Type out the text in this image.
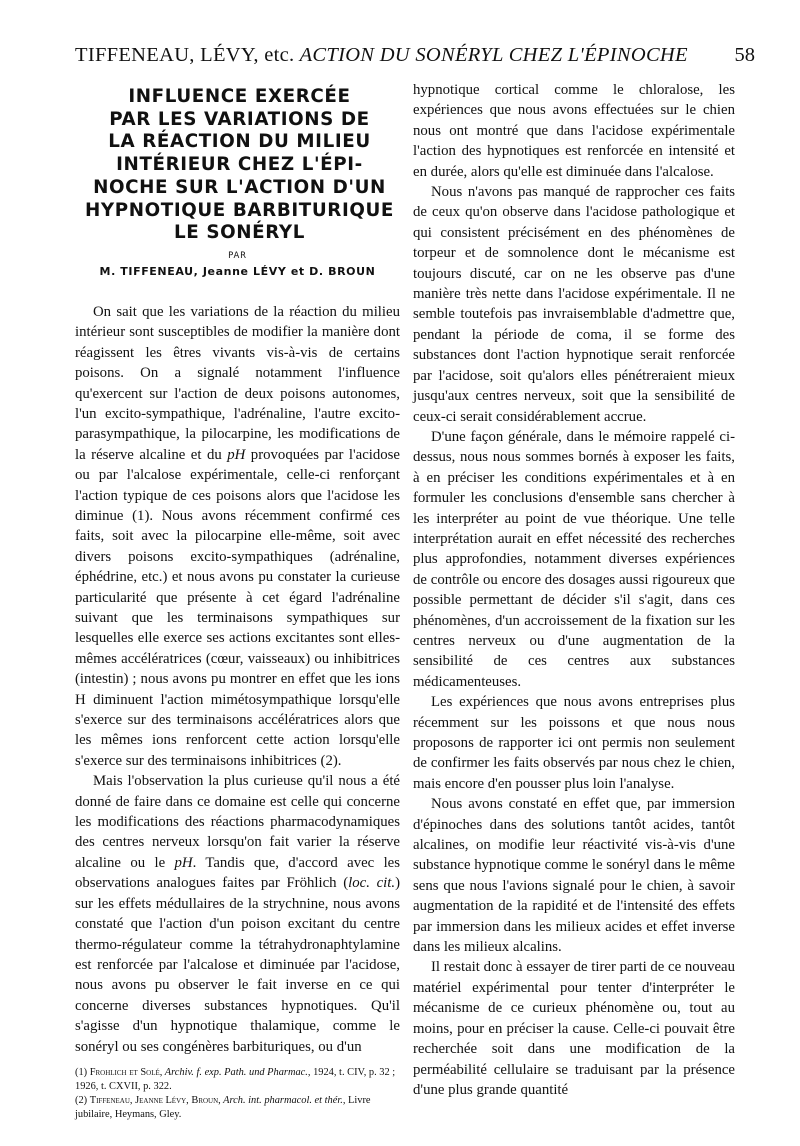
TIFFENEAU, LÉVY, etc. ACTION DU SONÉRYL CHEZ L'ÉPINOCHE 58
INFLUENCE EXERCÉE
PAR LES VARIATIONS DE
LA RÉACTION DU MILIEU
INTÉRIEUR CHEZ L'ÉPI-
NOCHE SUR L'ACTION D'UN
HYPNOTIQUE BARBITURIQUE
LE SONÉRYL
PAR
M. TIFFENEAU, Jeanne LÉVY et D. BROUN

On sait que les variations de la réaction du milieu intérieur sont susceptibles de modifier la manière dont réagissent les êtres vivants vis-à-vis de certains poisons. On a signalé notamment l'influence qu'exercent sur l'action de deux poisons autonomes, l'un excito-sympathique, l'adrénaline, l'autre excito-parasympathique, la pilocarpine, les modifications de la réserve alcaline et du pH provoquées par l'acidose ou par l'alcalose expérimentale, celle-ci renforçant l'action typique de ces poisons alors que l'acidose les diminue (1). Nous avons récemment confirmé ces faits, soit avec la pilocarpine elle-même, soit avec divers poisons excito-sympathiques (adrénaline, éphédrine, etc.) et nous avons pu constater la curieuse particularité que présente à cet égard l'adrénaline suivant que les terminaisons sympathiques sur lesquelles elle exerce ses actions excitantes sont elles-mêmes accélératrices (cœur, vaisseaux) ou inhibitrices (intestin) ; nous avons pu montrer en effet que les ions H diminuent l'action mimétosympathique lorsqu'elle s'exerce sur des terminaisons accélératrices alors que les mêmes ions renforcent cette action lorsqu'elle s'exerce sur des terminaisons inhibitrices (2).

Mais l'observation la plus curieuse qu'il nous a été donné de faire dans ce domaine est celle qui concerne les modifications des réactions pharmacodynamiques des centres nerveux lorsqu'on fait varier la réserve alcaline ou le pH. Tandis que, d'accord avec les observations analogues faites par Fröhlich (loc. cit.) sur les effets médullaires de la strychnine, nous avons constaté que l'action d'un poison excitant du centre thermo-régulateur comme la tétrahydronaphtylamine est renforcée par l'alcalose et diminuée par l'acidose, nous avons pu observer le fait inverse en ce qui concerne diverses substances hypnotiques. Qu'il s'agisse d'un hypnotique thalamique, comme le sonéryl ou ses congénères barbituriques, ou d'un

(1) Frohlich et Solé, Archiv. f. exp. Path. und Pharmac., 1924, t. CIV, p. 32 ; 1926, t. CXVII, p. 322.

(2) Tiffeneau, Jeanne Lévy, Broun, Arch. int. pharmacol. et thér., Livre jubilaire, Heymans, Gley.

hypnotique cortical comme le chloralose, les expériences que nous avons effectuées sur le chien nous ont montré que dans l'acidose expérimentale l'action des hypnotiques est renforcée en intensité et en durée, alors qu'elle est diminuée dans l'alcalose.

Nous n'avons pas manqué de rapprocher ces faits de ceux qu'on observe dans l'acidose pathologique et qui consistent précisément en des phénomènes de torpeur et de somnolence dont le mécanisme est toujours discuté, car on ne les observe pas d'une manière très nette dans l'acidose expérimentale. Il ne semble toutefois pas invraisemblable d'admettre que, pendant la période de coma, il se forme des substances dont l'action hypnotique serait renforcée par l'acidose, soit qu'alors elles pénétreraient mieux jusqu'aux centres nerveux, soit que la sensibilité de ceux-ci serait considérablement accrue.

D'une façon générale, dans le mémoire rappelé ci-dessus, nous nous sommes bornés à exposer les faits, à en préciser les conditions expérimentales et à en formuler les conclusions d'ensemble sans chercher à les interpréter au point de vue théorique. Une telle interprétation aurait en effet nécessité des recherches plus approfondies, notamment diverses expériences de contrôle ou encore des dosages aussi rigoureux que possible permettant de décider s'il s'agit, dans ces phénomènes, d'un accroissement de la fixation sur les centres nerveux ou d'une augmentation de la sensibilité de ces centres aux substances médicamenteuses.

Les expériences que nous avons entreprises plus récemment sur les poissons et que nous nous proposons de rapporter ici ont permis non seulement de confirmer les faits observés par nous chez le chien, mais encore d'en pousser plus loin l'analyse.

Nous avons constaté en effet que, par immersion d'épinoches dans des solutions tantôt acides, tantôt alcalines, on modifie leur réactivité vis-à-vis d'une substance hypnotique comme le sonéryl dans le même sens que nous l'avions signalé pour le chien, à savoir augmentation de la rapidité et de l'intensité des effets par immersion dans les milieux acides et effet inverse dans les milieux alcalins.

Il restait donc à essayer de tirer parti de ce nouveau matériel expérimental pour tenter d'interpréter le mécanisme de ce curieux phénomène ou, tout au moins, pour en préciser la cause. Celle-ci pouvait être recherchée soit dans une modification de la perméabilité cellulaire se traduisant par la présence d'une plus grande quantité
